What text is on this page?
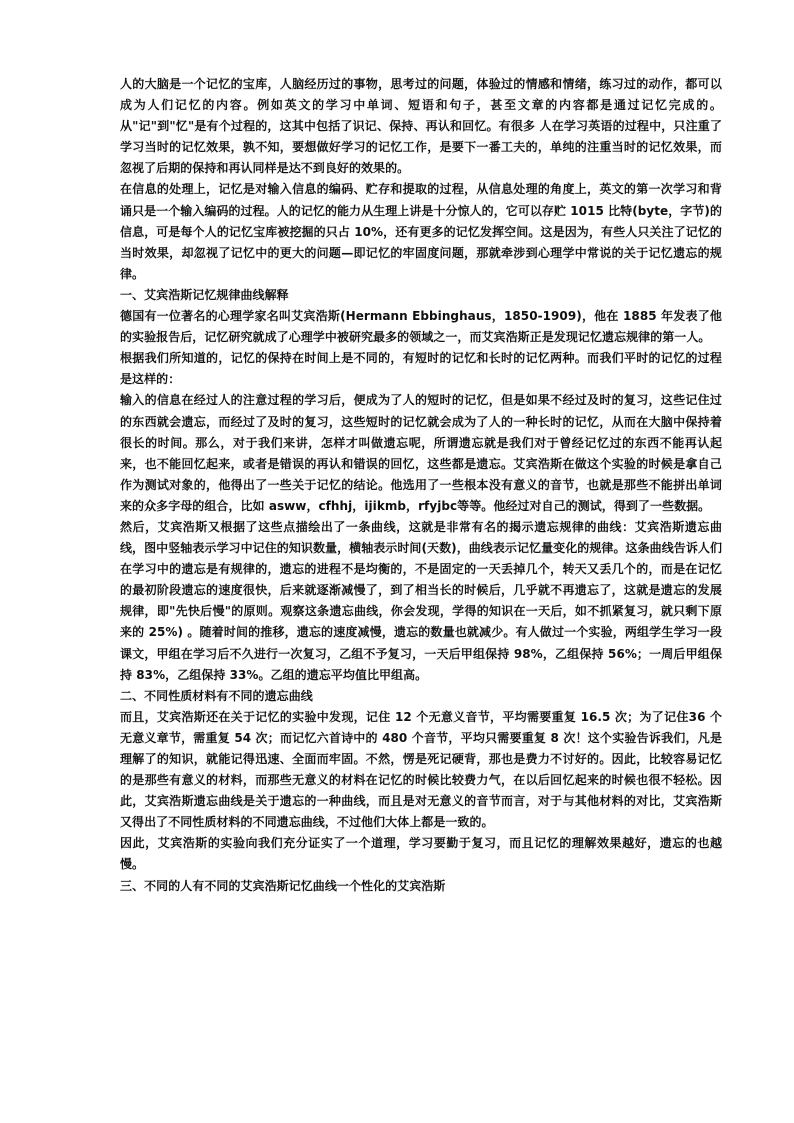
人的大脑是一个记忆的宝库，人脑经历过的事物，思考过的问题，体验过的情感和情绪，练习过的动作，都可以成为人们记忆的内容。例如英文的学习中单词、短语和句子，甚至文章的内容都是通过记忆完成的。从"记"到"忆"是有个过程的，这其中包括了识记、保持、再认和回忆。有很多 人在学习英语的过程中，只注重了学习当时的记忆效果，孰不知，要想做好学习的记忆工作，是要下一番工夫的，单纯的注重当时的记忆效果，而忽视了后期的保持和再认同样是达不到良好的效果的。

在信息的处理上，记忆是对输入信息的编码、贮存和提取的过程，从信息处理的角度上，英文的第一次学习和背诵只是一个输入编码的过程。人的记忆的能力从生理上讲是十分惊人的，它可以存贮 1015 比特(byte，字节)的信息，可是每个人的记忆宝库被挖掘的只占 10%，还有更多的记忆发挥空间。这是因为，有些人只关注了记忆的当时效果，却忽视了记忆中的更大的问题—即记忆的牢固度问题，那就牵涉到心理学中常说的关于记忆遗忘的规律。

一、艾宾浩斯记忆规律曲线解释

德国有一位著名的心理学家名叫艾宾浩斯(Hermann Ebbinghaus，1850-1909)，他在 1885 年发表了他的实验报告后，记忆研究就成了心理学中被研究最多的领域之一，而艾宾浩斯正是发现记忆遗忘规律的第一人。

根据我们所知道的，记忆的保持在时间上是不同的，有短时的记忆和长时的记忆两种。而我们平时的记忆的过程是这样的：

输入的信息在经过人的注意过程的学习后，便成为了人的短时的记忆，但是如果不经过及时的复习，这些记住过的东西就会遗忘，而经过了及时的复习，这些短时的记忆就会成为了人的一种长时的记忆，从而在大脑中保持着很长的时间。那么，对于我们来讲，怎样才叫做遗忘呢，所谓遗忘就是我们对于曾经记忆过的东西不能再认起来，也不能回忆起来，或者是错误的再认和错误的回忆，这些都是遗忘。艾宾浩斯在做这个实验的时候是拿自己作为测试对象的，他得出了一些关于记忆的结论。他选用了一些根本没有意义的音节，也就是那些不能拼出单词来的众多字母的组合，比如 asww，cfhhj，ijikmb，rfyjbc等等。他经过对自己的测试，得到了一些数据。

然后，艾宾浩斯又根据了这些点描绘出了一条曲线，这就是非常有名的揭示遗忘规律的曲线：艾宾浩斯遗忘曲线，图中竖轴表示学习中记住的知识数量，横轴表示时间(天数)，曲线表示记忆量变化的规律。这条曲线告诉人们在学习中的遗忘是有规律的，遗忘的进程不是均衡的，不是固定的一天丢掉几个，转天又丢几个的，而是在记忆的最初阶段遗忘的速度很快，后来就逐渐减慢了，到了相当长的时候后，几乎就不再遗忘了，这就是遗忘的发展规律，即"先快后慢"的原则。观察这条遗忘曲线，你会发现，学得的知识在一天后，如不抓紧复习，就只剩下原来的 25%) 。随着时间的推移，遗忘的速度减慢，遗忘的数量也就减少。有人做过一个实验，两组学生学习一段课文，甲组在学习后不久进行一次复习，乙组不予复习，一天后甲组保持 98%，乙组保持 56%；一周后甲组保持 83%，乙组保持 33%。乙组的遗忘平均值比甲组高。

二、不同性质材料有不同的遗忘曲线

而且，艾宾浩斯还在关于记忆的实验中发现，记住 12 个无意义音节，平均需要重复 16.5 次；为了记住36 个无意义章节，需重复 54 次；而记忆六首诗中的 480 个音节，平均只需要重复 8 次！这个实验告诉我们，凡是理解了的知识，就能记得迅速、全面而牢固。不然，愣是死记硬背，那也是费力不讨好的。因此，比较容易记忆的是那些有意义的材料，而那些无意义的材料在记忆的时候比较费力气，在以后回忆起来的时候也很不轻松。因此，艾宾浩斯遗忘曲线是关于遗忘的一种曲线，而且是对无意义的音节而言，对于与其他材料的对比，艾宾浩斯又得出了不同性质材料的不同遗忘曲线，不过他们大体上都是一致的。

因此，艾宾浩斯的实验向我们充分证实了一个道理，学习要勤于复习，而且记忆的理解效果越好，遗忘的也越慢。

三、不同的人有不同的艾宾浩斯记忆曲线一个性化的艾宾浩斯
